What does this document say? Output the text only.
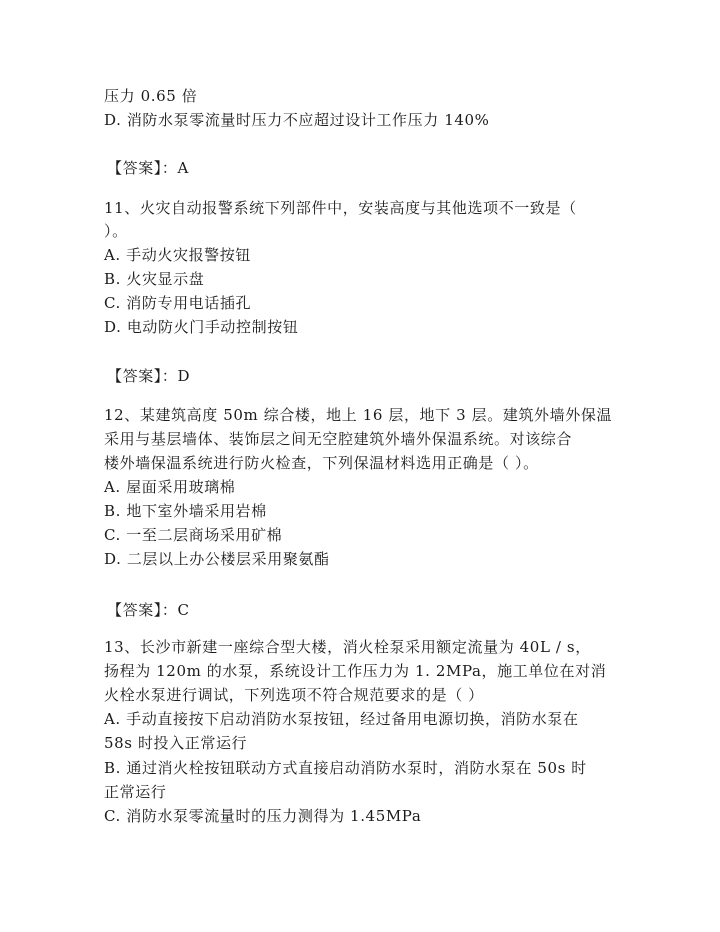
压力 0.65 倍
D. 消防水泵零流量时压力不应超过设计工作压力 140%
【答案】：A
11、火灾自动报警系统下列部件中，安装高度与其他选项不一致是（
）。
A. 手动火灾报警按钮
B. 火灾显示盘
C. 消防专用电话插孔
D. 电动防火门手动控制按钮
【答案】：D
12、某建筑高度 50m 综合楼，地上 16 层，地下 3 层。建筑外墙外保温
采用与基层墙体、装饰层之间无空腔建筑外墙外保温系统。对该综合
楼外墙保温系统进行防火检查，下列保温材料选用正确是（ ）。
A. 屋面采用玻璃棉
B. 地下室外墙采用岩棉
C. 一至二层商场采用矿棉
D. 二层以上办公楼层采用聚氨酯
【答案】：C
13、长沙市新建一座综合型大楼，消火栓泵采用额定流量为 40L / s，
扬程为 120m 的水泵，系统设计工作压力为 1. 2MPa，施工单位在对消
火栓水泵进行调试，下列选项不符合规范要求的是（ ）
A. 手动直接按下启动消防水泵按钮，经过备用电源切换，消防水泵在
58s 时投入正常运行
B. 通过消火栓按钮联动方式直接启动消防水泵时，消防水泵在 50s 时
正常运行
C. 消防水泵零流量时的压力测得为 1.45MPa
